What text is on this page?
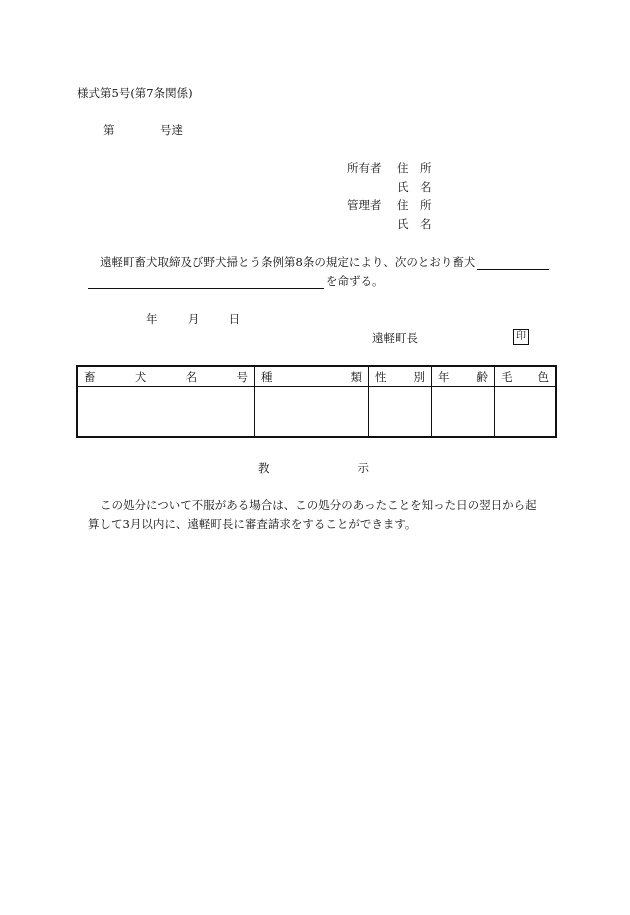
様式第5号(第7条関係)
第	号達
所有者	住　所
氏　名
管理者	住　所
氏　名
遠軽町畜犬取締及び野犬掃とう条例第8条の規定により、次のとおり畜犬
を命ずる。
年	月	日
遠軽町長	印
畜 犬 名 号	種 類	性 別	年 齢	毛 色

教示
この処分について不服がある場合は、この処分のあったことを知った日の翌日から起
算して3月以内に、遠軽町長に審査請求をすることができます。
